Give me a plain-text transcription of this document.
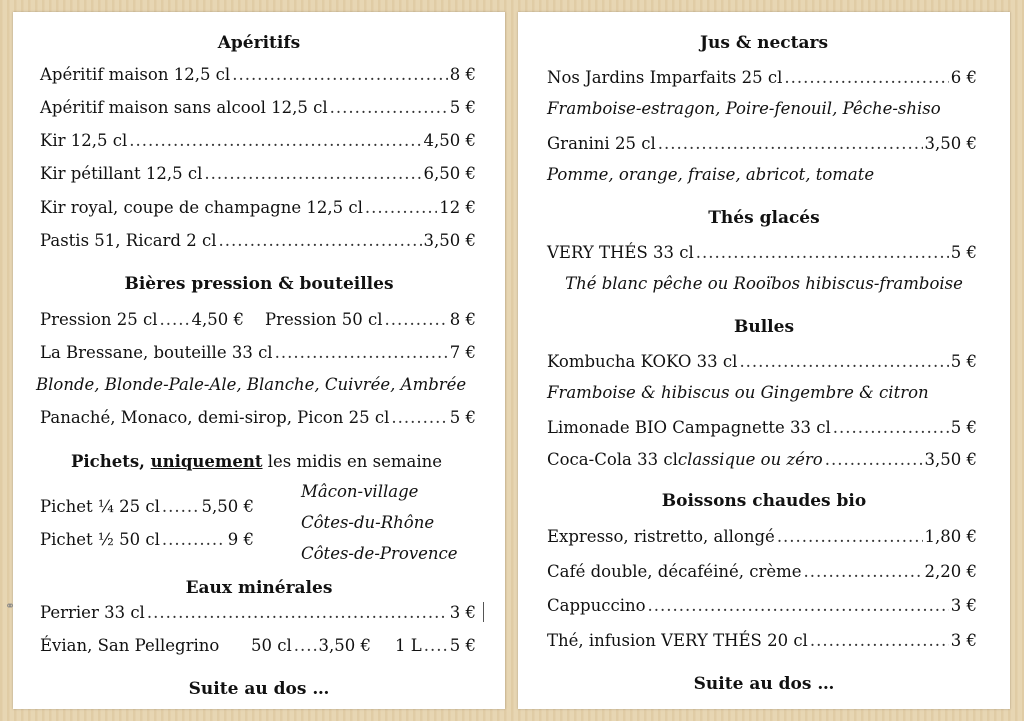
Apéritifs
Apéritif maison 12,5 cl .....	8 €
Apéritif maison sans alcool 12,5 cl .....	5 €
Kir 12,5 cl .....	4,50 €
Kir pétillant 12,5 cl .....	6,50 €
Kir royal, coupe de champagne 12,5 cl .....	12 €
Pastis 51, Ricard 2 cl .....	3,50 €
Bières pression & bouteilles
Pression 25 cl ..... 4,50 € Pression 50 cl .....	8 €
La Bressane, bouteille 33 cl .....	7 €
Blonde, Blonde-Pale-Ale, Blanche, Cuivrée, Ambrée
Panaché, Monaco, demi-sirop, Picon 25 cl .....	5 €
Pichets, uniquement les midis en semaine
Pichet ¼ 25 cl .....	5,50 €
Pichet ½ 50 cl .....	9 €
Mâcon-village
Côtes-du-Rhône
Côtes-de-Provence
Eaux minérales
⚭ Perrier 33 cl .....	3 €
Évian, San Pellegrino 50 cl ..... 3,50 € 1 L ..... 5 €
Suite au dos …
Jus & nectars
Nos Jardins Imparfaits 25 cl .....	6 €
Framboise-estragon, Poire-fenouil, Pêche-shiso
Granini 25 cl .....	3,50 €
Pomme, orange, fraise, abricot, tomate
Thés glacés
VERY THÉS 33 cl .....	5 €
Thé blanc pêche ou Rooïbos hibiscus-framboise
Bulles
Kombucha KOKO 33 cl .....	5 €
Framboise & hibiscus ou Gingembre & citron
Limonade BIO Campagnette 33 cl .....	5 €
Coca-Cola 33 cl classique ou zéro .....	3,50 €
Boissons chaudes bio
Expresso, ristretto, allongé .....	1,80 €
Café double, décaféiné, crème .....	2,20 €
Cappuccino .....	3 €
Thé, infusion VERY THÉS 20 cl .....	3 €
Suite au dos …
